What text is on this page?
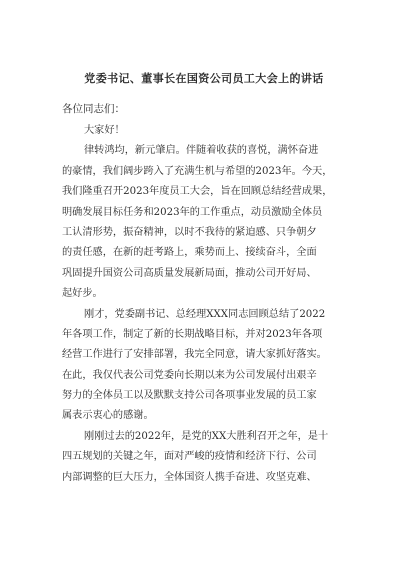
党委书记、董事长在国资公司员工大会上的讲话
各位同志们：
大家好！
律转鸿均，新元肇启。伴随着收获的喜悦，满怀奋进
的豪情，我们阔步跨入了充满生机与希望的2023年。今天，
我们隆重召开2023年度员工大会，旨在回顾总结经营成果，
明确发展目标任务和2023年的工作重点，动员激励全体员
工认清形势，振奋精神，以时不我待的紧迫感、只争朝夕
的责任感，在新的赶考路上，乘势而上、接续奋斗，全面
巩固提升国资公司高质量发展新局面，推动公司开好局、
起好步。
刚才，党委副书记、总经理XXX同志回顾总结了2022
年各项工作，制定了新的长期战略目标，并对2023年各项
经营工作进行了安排部署，我完全同意，请大家抓好落实。
在此，我仅代表公司党委向长期以来为公司发展付出艰辛
努力的全体员工以及默默支持公司各项事业发展的员工家
属表示衷心的感谢。
刚刚过去的2022年，是党的XX大胜利召开之年，是十
四五规划的关键之年，面对严峻的疫情和经济下行、公司
内部调整的巨大压力，全体国资人携手奋进、攻坚克难、
